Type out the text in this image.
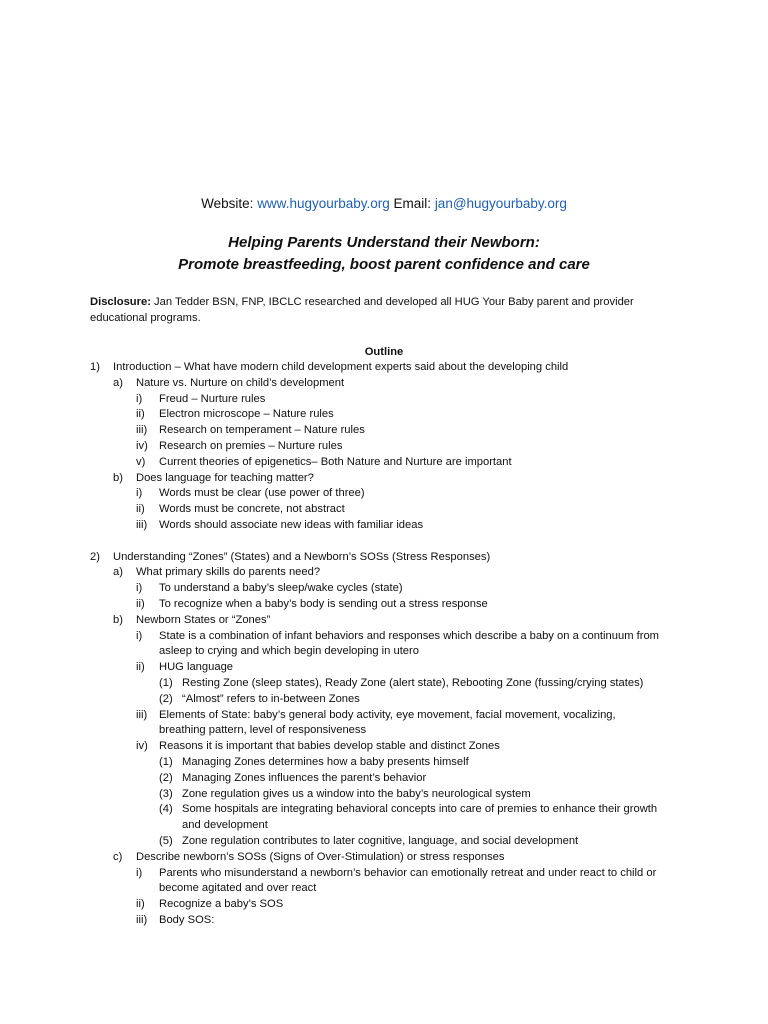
Website: www.hugyourbaby.org Email: jan@hugyourbaby.org
Helping Parents Understand their Newborn:
Promote breastfeeding, boost parent confidence and care
Disclosure: Jan Tedder BSN, FNP, IBCLC researched and developed all HUG Your Baby parent and provider educational programs.
Outline
1) Introduction – What have modern child development experts said about the developing child
a) Nature vs. Nurture on child’s development
i) Freud – Nurture rules
ii) Electron microscope – Nature rules
iii) Research on temperament – Nature rules
iv) Research on premies – Nurture rules
v) Current theories of epigenetics– Both Nature and Nurture are important
b) Does language for teaching matter?
i) Words must be clear (use power of three)
ii) Words must be concrete, not abstract
iii) Words should associate new ideas with familiar ideas
2) Understanding “Zones” (States) and a Newborn’s SOSs (Stress Responses)
a) What primary skills do parents need?
i) To understand a baby’s sleep/wake cycles (state)
ii) To recognize when a baby’s body is sending out a stress response
b) Newborn States or “Zones”
i) State is a combination of infant behaviors and responses which describe a baby on a continuum from
asleep to crying and which begin developing in utero
ii) HUG language
(1) Resting Zone (sleep states), Ready Zone (alert state), Rebooting Zone (fussing/crying states)
(2) “Almost” refers to in-between Zones
iii) Elements of State: baby’s general body activity, eye movement, facial movement, vocalizing,
breathing pattern, level of responsiveness
iv) Reasons it is important that babies develop stable and distinct Zones
(1) Managing Zones determines how a baby presents himself
(2) Managing Zones influences the parent’s behavior
(3) Zone regulation gives us a window into the baby’s neurological system
(4) Some hospitals are integrating behavioral concepts into care of premies to enhance their growth
and development
(5) Zone regulation contributes to later cognitive, language, and social development
c) Describe newborn’s SOSs (Signs of Over-Stimulation) or stress responses
i) Parents who misunderstand a newborn’s behavior can emotionally retreat and under react to child or
become agitated and over react
ii) Recognize a baby’s SOS
iii) Body SOS:
